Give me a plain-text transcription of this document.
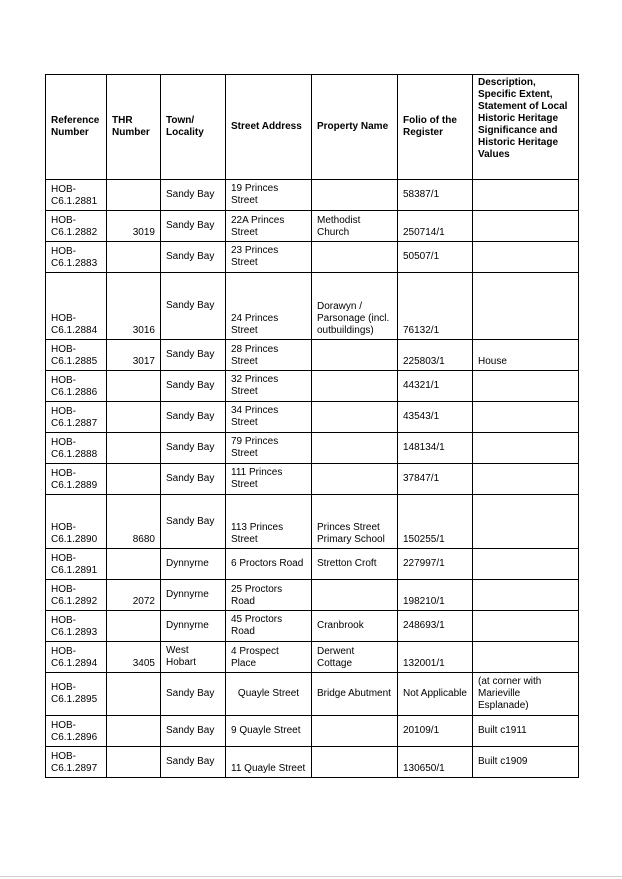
Reference Number	THR Number	Town/ Locality	Street Address	Property Name	Folio of the Register	Description, Specific Extent, Statement of Local Historic Heritage Significance and Historic Heritage Values
HOB-C6.1.2881		Sandy Bay	19 Princes Street		58387/1	
HOB-C6.1.2882	3019	Sandy Bay	22A Princes Street	Methodist Church	250714/1	
HOB-C6.1.2883		Sandy Bay	23 Princes Street		50507/1	
HOB-C6.1.2884	3016	Sandy Bay	24 Princes Street	Dorawyn / Parsonage (incl. outbuildings)	76132/1	
HOB-C6.1.2885	3017	Sandy Bay	28 Princes Street		225803/1	House
HOB-C6.1.2886		Sandy Bay	32 Princes Street		44321/1	
HOB-C6.1.2887		Sandy Bay	34 Princes Street		43543/1	
HOB-C6.1.2888		Sandy Bay	79 Princes Street		148134/1	
HOB-C6.1.2889		Sandy Bay	111 Princes Street		37847/1	
HOB-C6.1.2890	8680	Sandy Bay	113 Princes Street	Princes Street Primary School	150255/1	
HOB-C6.1.2891		Dynnyrne	6 Proctors Road	Stretton Croft	227997/1	
HOB-C6.1.2892	2072	Dynnyrne	25 Proctors Road		198210/1	
HOB-C6.1.2893		Dynnyrne	45 Proctors Road	Cranbrook	248693/1	
HOB-C6.1.2894	3405	West Hobart	4 Prospect Place	Derwent Cottage	132001/1	
HOB-C6.1.2895		Sandy Bay	Quayle Street	Bridge Abutment	Not Applicable	(at corner with Marieville Esplanade)
HOB-C6.1.2896		Sandy Bay	9 Quayle Street		20109/1	Built c1911
HOB-C6.1.2897		Sandy Bay	11 Quayle Street		130650/1	Built c1909
